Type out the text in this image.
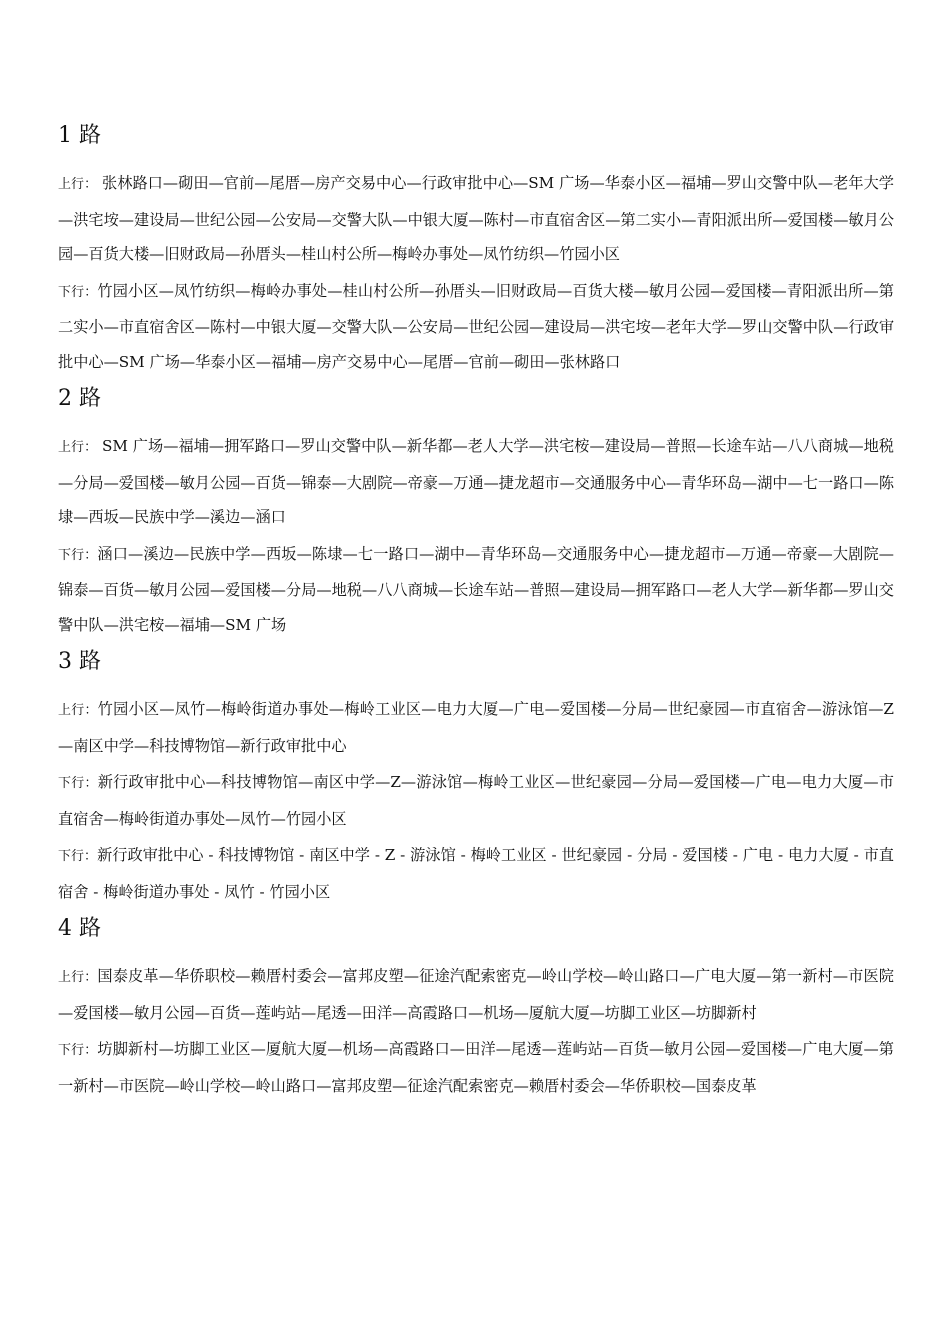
1 路

上行： 张林路口—砌田—官前—尾厝—房产交易中心—行政审批中心—SM 广场—华泰小区—福埔—罗山交警中队—老年大学—洪宅垵—建设局—世纪公园—公安局—交警大队—中银大厦—陈村—市直宿舍区—第二实小—青阳派出所—爱国楼—敏月公园—百货大楼—旧财政局—孙厝头—桂山村公所—梅岭办事处—凤竹纺织—竹园小区

下行：竹园小区—凤竹纺织—梅岭办事处—桂山村公所—孙厝头—旧财政局—百货大楼—敏月公园—爱国楼—青阳派出所—第二实小—市直宿舍区—陈村—中银大厦—交警大队—公安局—世纪公园—建设局—洪宅垵—老年大学—罗山交警中队—行政审批中心—SM 广场—华泰小区—福埔—房产交易中心—尾厝—官前—砌田—张林路口

2 路

上行： SM 广场—福埔—拥军路口—罗山交警中队—新华都—老人大学—洪宅桉—建设局—普照—长途车站—八八商城—地税—分局—爱国楼—敏月公园—百货—锦泰—大剧院—帝豪—万通—捷龙超市—交通服务中心—青华环岛—湖中—七一路口—陈埭—西坂—民族中学—溪边—涵口

下行：涵口—溪边—民族中学—西坂—陈埭—七一路口—湖中—青华环岛—交通服务中心—捷龙超市—万通—帝豪—大剧院—锦泰—百货—敏月公园—爱国楼—分局—地税—八八商城—长途车站—普照—建设局—拥军路口—老人大学—新华都—罗山交警中队—洪宅桉—福埔—SM 广场

3 路

上行：竹园小区—凤竹—梅岭街道办事处—梅岭工业区—电力大厦—广电—爱国楼—分局—世纪豪园—市直宿舍—游泳馆—Z—南区中学—科技博物馆—新行政审批中心

下行：新行政审批中心—科技博物馆—南区中学—Z—游泳馆—梅岭工业区—世纪豪园—分局—爱国楼—广电—电力大厦—市直宿舍—梅岭街道办事处—凤竹—竹园小区

下行：新行政审批中心 - 科技博物馆 - 南区中学 - Z - 游泳馆 - 梅岭工业区 - 世纪豪园 - 分局 - 爱国楼 - 广电 - 电力大厦 - 市直宿舍 - 梅岭街道办事处 - 凤竹 - 竹园小区

4 路

上行：国泰皮革—华侨职校—赖厝村委会—富邦皮塑—征途汽配索密克—岭山学校—岭山路口—广电大厦—第一新村—市医院—爱国楼—敏月公园—百货—莲屿站—尾透—田洋—高霞路口—机场—厦航大厦—坊脚工业区—坊脚新村

下行：坊脚新村—坊脚工业区—厦航大厦—机场—高霞路口—田洋—尾透—莲屿站—百货—敏月公园—爱国楼—广电大厦—第一新村—市医院—岭山学校—岭山路口—富邦皮塑—征途汽配索密克—赖厝村委会—华侨职校—国泰皮革
